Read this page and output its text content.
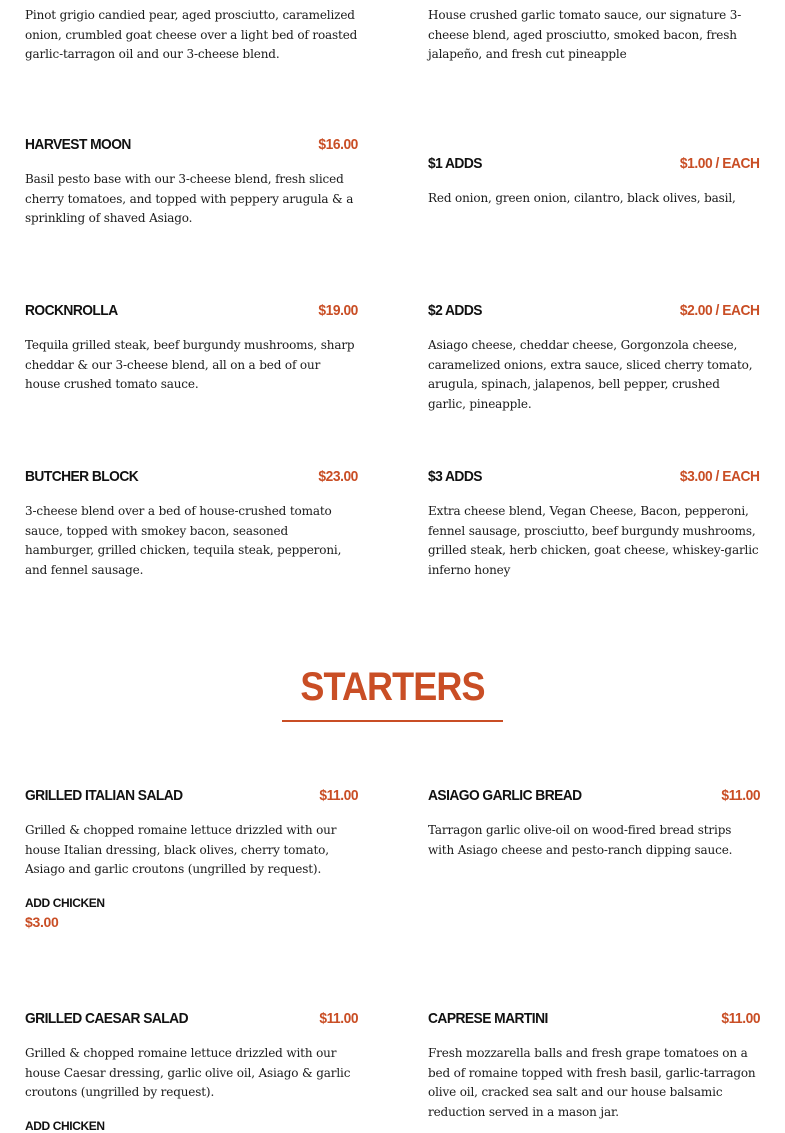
Pinot grigio candied pear, aged prosciutto, caramelized onion, crumbled goat cheese over a light bed of roasted garlic-tarragon oil and our 3-cheese blend.
House crushed garlic tomato sauce, our signature 3-cheese blend, aged prosciutto, smoked bacon, fresh jalapeño, and fresh cut pineapple
HARVEST MOON	$16.00
Basil pesto base with our 3-cheese blend, fresh sliced cherry tomatoes, and topped with peppery arugula & a sprinkling of shaved Asiago.
$1 ADDS	$1.00 / EACH
Red onion, green onion, cilantro, black olives, basil,
ROCKNROLLA	$19.00
Tequila grilled steak, beef burgundy mushrooms, sharp cheddar & our 3-cheese blend, all on a bed of our house crushed tomato sauce.
$2 ADDS	$2.00 / EACH
Asiago cheese, cheddar cheese, Gorgonzola cheese, caramelized onions, extra sauce, sliced cherry tomato, arugula, spinach, jalapenos, bell pepper, crushed garlic, pineapple.
BUTCHER BLOCK	$23.00
3-cheese blend over a bed of house-crushed tomato sauce, topped with smokey bacon, seasoned hamburger, grilled chicken, tequila steak, pepperoni, and fennel sausage.
$3 ADDS	$3.00 / EACH
Extra cheese blend, Vegan Cheese, Bacon, pepperoni, fennel sausage, prosciutto, beef burgundy mushrooms, grilled steak, herb chicken, goat cheese, whiskey-garlic inferno honey
STARTERS
GRILLED ITALIAN SALAD	$11.00
Grilled & chopped romaine lettuce drizzled with our house Italian dressing, black olives, cherry tomato, Asiago and garlic croutons (ungrilled by request).
ADD CHICKEN
$3.00
ASIAGO GARLIC BREAD	$11.00
Tarragon garlic olive-oil on wood-fired bread strips with Asiago cheese and pesto-ranch dipping sauce.
GRILLED CAESAR SALAD	$11.00
Grilled & chopped romaine lettuce drizzled with our house Caesar dressing, garlic olive oil, Asiago & garlic croutons (ungrilled by request).
ADD CHICKEN
CAPRESE MARTINI	$11.00
Fresh mozzarella balls and fresh grape tomatoes on a bed of romaine topped with fresh basil, garlic-tarragon olive oil, cracked sea salt and our house balsamic reduction served in a mason jar.
